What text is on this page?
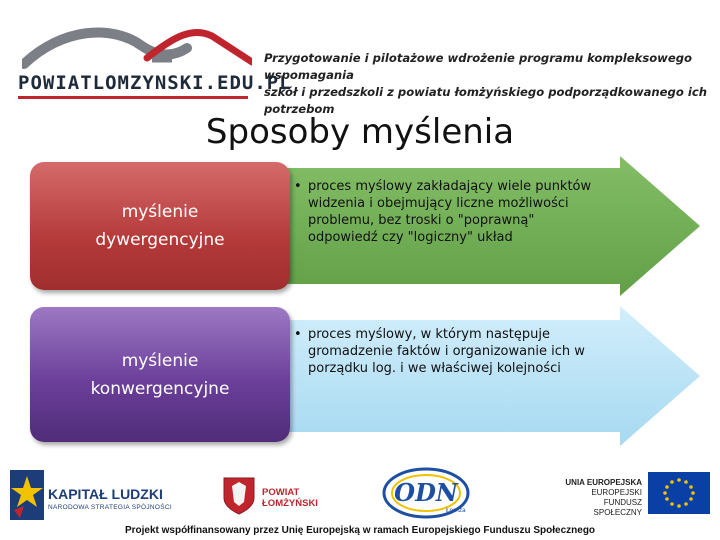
POWIATLOMZYNSKI.EDU.PL
Przygotowanie i pilotażowe wdrożenie programu kompleksowego wspomagania
szkół i przedszkoli z powiatu łomżyńskiego podporządkowanego ich potrzebom
Sposoby myślenia
myślenie
dywergencyjne
myślenie
konwergencyjne
• proces myślowy zakładający wiele punktów
widzenia i obejmujący liczne możliwości
problemu, bez troski o "poprawną"
odpowiedź czy "logiczny" układ
• proces myślowy, w którym następuje
gromadzenie faktów i organizowanie ich w
porządku log. i we właściwej kolejności
KAPITAŁ LUDZKI
NARODOWA STRATEGIA SPÓJNOŚCI
POWIAT
ŁOMŻYŃSKI	ODN
Łomża
UNIA EUROPEJSKA
EUROPEJSKI
FUNDUSZ SPOŁECZNY
Projekt współfinansowany przez Unię Europejską w ramach Europejskiego Funduszu Społecznego
